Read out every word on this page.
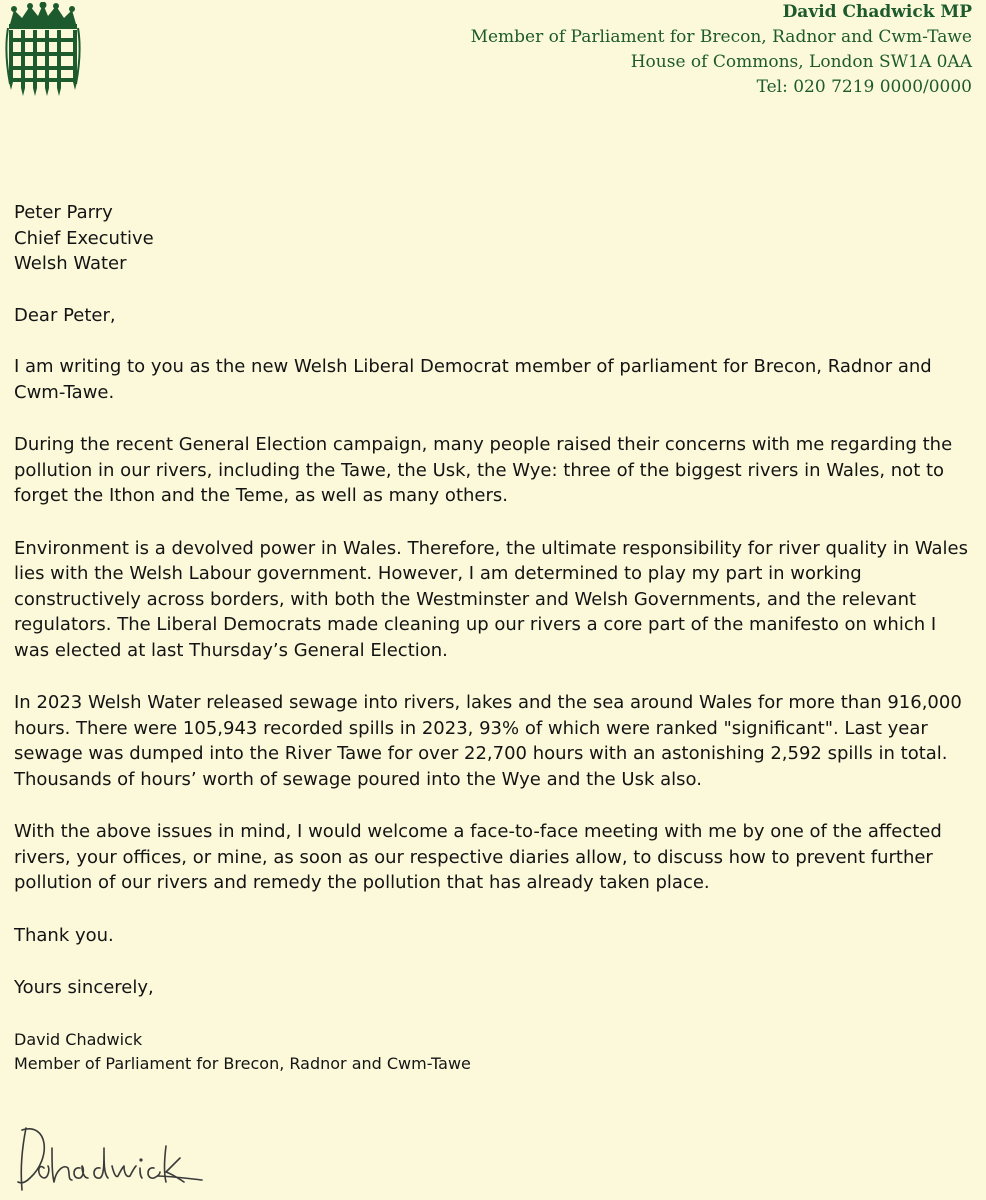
David Chadwick MP
Member of Parliament for Brecon, Radnor and Cwm-Tawe
House of Commons, London SW1A 0AA
Tel: 020 7219 0000/0000
Peter Parry
Chief Executive
Welsh Water

Dear Peter,

I am writing to you as the new Welsh Liberal Democrat member of parliament for Brecon, Radnor and Cwm-Tawe.

During the recent General Election campaign, many people raised their concerns with me regarding the pollution in our rivers, including the Tawe, the Usk, the Wye: three of the biggest rivers in Wales, not to forget the Ithon and the Teme, as well as many others.

Environment is a devolved power in Wales. Therefore, the ultimate responsibility for river quality in Wales lies with the Welsh Labour government. However, I am determined to play my part in working constructively across borders, with both the Westminster and Welsh Governments, and the relevant regulators. The Liberal Democrats made cleaning up our rivers a core part of the manifesto on which I was elected at last Thursday’s General Election.

In 2023 Welsh Water released sewage into rivers, lakes and the sea around Wales for more than 916,000 hours. There were 105,943 recorded spills in 2023, 93% of which were ranked "significant". Last year sewage was dumped into the River Tawe for over 22,700 hours with an astonishing 2,592 spills in total. Thousands of hours’ worth of sewage poured into the Wye and the Usk also.

With the above issues in mind, I would welcome a face-to-face meeting with me by one of the affected rivers, your offices, or mine, as soon as our respective diaries allow, to discuss how to prevent further pollution of our rivers and remedy the pollution that has already taken place.

Thank you.

Yours sincerely,

David Chadwick
Member of Parliament for Brecon, Radnor and Cwm-Tawe
